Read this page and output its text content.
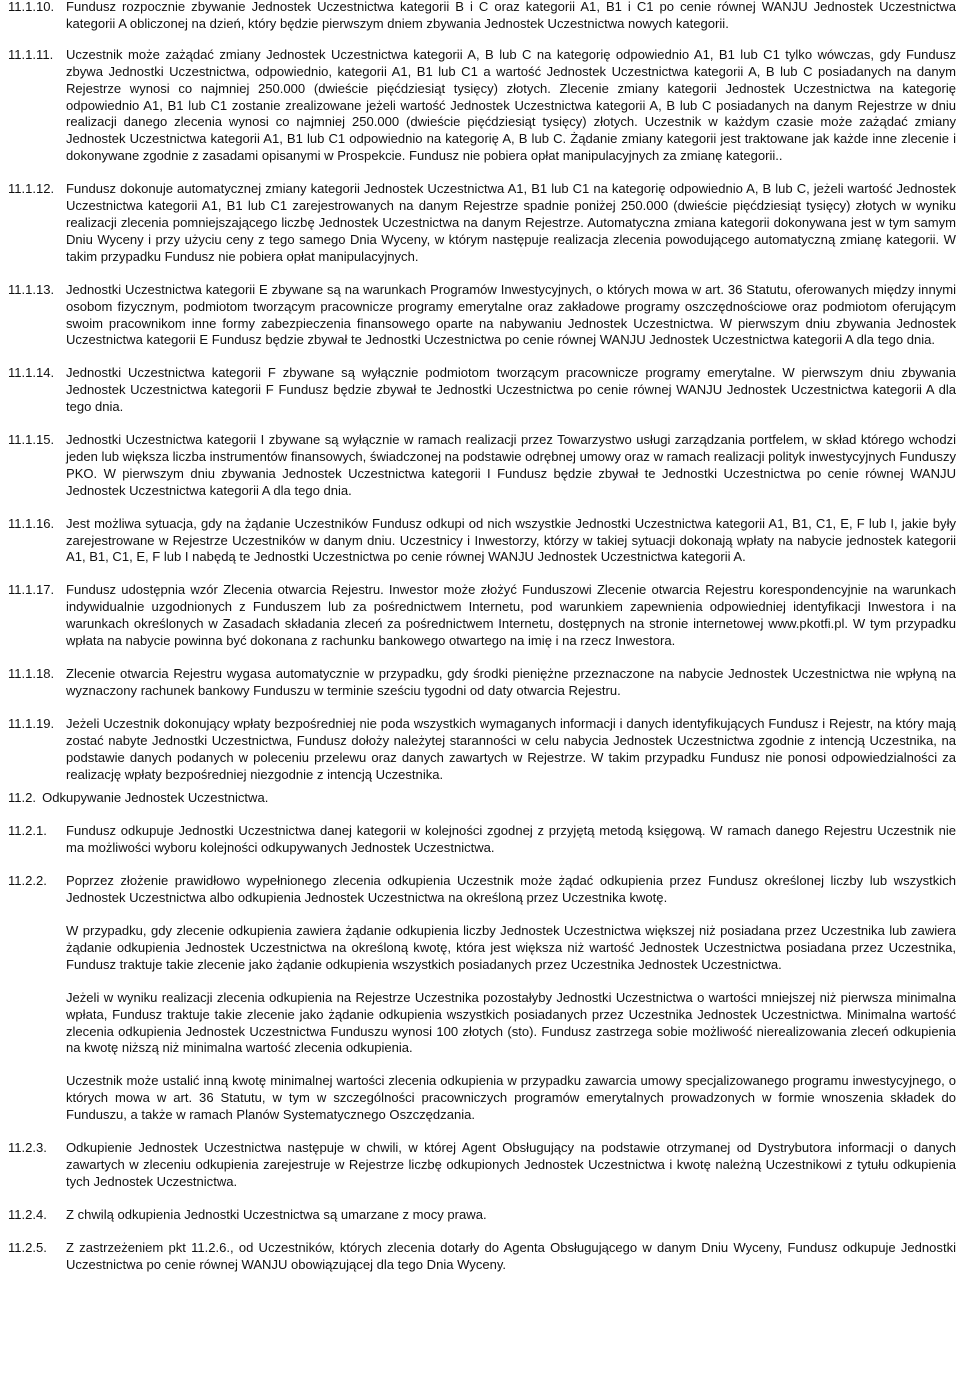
11.1.10. Fundusz rozpocznie zbywanie Jednostek Uczestnictwa kategorii B i C oraz kategorii A1, B1 i C1 po cenie równej WANJU Jednostek Uczestnictwa kategorii A obliczonej na dzień, który będzie pierwszym dniem zbywania Jednostek Uczestnictwa nowych kategorii.
11.1.11. Uczestnik może zażądać zmiany Jednostek Uczestnictwa kategorii A, B lub C na kategorię odpowiednio A1, B1 lub C1 tylko wówczas, gdy Fundusz zbywa Jednostki Uczestnictwa, odpowiednio, kategorii A1, B1 lub C1 a wartość Jednostek Uczestnictwa kategorii A, B lub C posiadanych na danym Rejestrze wynosi co najmniej 250.000 (dwieście pięćdziesiąt tysięcy) złotych. Zlecenie zmiany kategorii Jednostek Uczestnictwa na kategorię odpowiednio A1, B1 lub C1 zostanie zrealizowane jeżeli wartość Jednostek Uczestnictwa kategorii A, B lub C posiadanych na danym Rejestrze w dniu realizacji danego zlecenia wynosi co najmniej 250.000 (dwieście pięćdziesiąt tysięcy) złotych. Uczestnik w każdym czasie może zażądać zmiany Jednostek Uczestnictwa kategorii A1, B1 lub C1 odpowiednio na kategorię A, B lub C. Żądanie zmiany kategorii jest traktowane jak każde inne zlecenie i dokonywane zgodnie z zasadami opisanymi w Prospekcie. Fundusz nie pobiera opłat manipulacyjnych za zmianę kategorii..
11.1.12. Fundusz dokonuje automatycznej zmiany kategorii Jednostek Uczestnictwa A1, B1 lub C1 na kategorię odpowiednio A, B lub C, jeżeli wartość Jednostek Uczestnictwa kategorii A1, B1 lub C1 zarejestrowanych na danym Rejestrze spadnie poniżej 250.000 (dwieście pięćdziesiąt tysięcy) złotych w wyniku realizacji zlecenia pomniejszającego liczbę Jednostek Uczestnictwa na danym Rejestrze. Automatyczna zmiana kategorii dokonywana jest w tym samym Dniu Wyceny i przy użyciu ceny z tego samego Dnia Wyceny, w którym następuje realizacja zlecenia powodującego automatyczną zmianę kategorii. W takim przypadku Fundusz nie pobiera opłat manipulacyjnych.
11.1.13. Jednostki Uczestnictwa kategorii E zbywane są na warunkach Programów Inwestycyjnych, o których mowa w art. 36 Statutu, oferowanych między innymi osobom fizycznym, podmiotom tworzącym pracownicze programy emerytalne oraz zakładowe programy oszczędnościowe oraz podmiotom oferującym swoim pracownikom inne formy zabezpieczenia finansowego oparte na nabywaniu Jednostek Uczestnictwa. W pierwszym dniu zbywania Jednostek Uczestnictwa kategorii E Fundusz będzie zbywał te Jednostki Uczestnictwa po cenie równej WANJU Jednostek Uczestnictwa kategorii A dla tego dnia.
11.1.14. Jednostki Uczestnictwa kategorii F zbywane są wyłącznie podmiotom tworzącym pracownicze programy emerytalne. W pierwszym dniu zbywania Jednostek Uczestnictwa kategorii F Fundusz będzie zbywał te Jednostki Uczestnictwa po cenie równej WANJU Jednostek Uczestnictwa kategorii A dla tego dnia.
11.1.15. Jednostki Uczestnictwa kategorii I zbywane są wyłącznie w ramach realizacji przez Towarzystwo usługi zarządzania portfelem, w skład którego wchodzi jeden lub większa liczba instrumentów finansowych, świadczonej na podstawie odrębnej umowy oraz w ramach realizacji polityk inwestycyjnych Funduszy PKO. W pierwszym dniu zbywania Jednostek Uczestnictwa kategorii I Fundusz będzie zbywał te Jednostki Uczestnictwa po cenie równej WANJU Jednostek Uczestnictwa kategorii A dla tego dnia.
11.1.16. Jest możliwa sytuacja, gdy na żądanie Uczestników Fundusz odkupi od nich wszystkie Jednostki Uczestnictwa kategorii A1, B1, C1, E, F lub I, jakie były zarejestrowane w Rejestrze Uczestników w danym dniu. Uczestnicy i Inwestorzy, którzy w takiej sytuacji dokonają wpłaty na nabycie jednostek kategorii A1, B1, C1, E, F lub I nabędą te Jednostki Uczestnictwa po cenie równej WANJU Jednostek Uczestnictwa kategorii A.
11.1.17. Fundusz udostępnia wzór Zlecenia otwarcia Rejestru. Inwestor może złożyć Funduszowi Zlecenie otwarcia Rejestru korespondencyjnie na warunkach indywidualnie uzgodnionych z Funduszem lub za pośrednictwem Internetu, pod warunkiem zapewnienia odpowiedniej identyfikacji Inwestora i na warunkach określonych w Zasadach składania zleceń za pośrednictwem Internetu, dostępnych na stronie internetowej www.pkotfi.pl. W tym przypadku wpłata na nabycie powinna być dokonana z rachunku bankowego otwartego na imię i na rzecz Inwestora.
11.1.18. Zlecenie otwarcia Rejestru wygasa automatycznie w przypadku, gdy środki pieniężne przeznaczone na nabycie Jednostek Uczestnictwa nie wpłyną na wyznaczony rachunek bankowy Funduszu w terminie sześciu tygodni od daty otwarcia Rejestru.
11.1.19. Jeżeli Uczestnik dokonujący wpłaty bezpośredniej nie poda wszystkich wymaganych informacji i danych identyfikujących Fundusz i Rejestr, na który mają zostać nabyte Jednostki Uczestnictwa, Fundusz dołoży należytej staranności w celu nabycia Jednostek Uczestnictwa zgodnie z intencją Uczestnika, na podstawie danych podanych w poleceniu przelewu oraz danych zawartych w Rejestrze. W takim przypadku Fundusz nie ponosi odpowiedzialności za realizację wpłaty bezpośredniej niezgodnie z intencją Uczestnika.
11.2. Odkupywanie Jednostek Uczestnictwa.
11.2.1.	Fundusz odkupuje Jednostki Uczestnictwa danej kategorii w kolejności zgodnej z przyjętą metodą księgową. W ramach danego Rejestru Uczestnik nie ma możliwości wyboru kolejności odkupywanych Jednostek Uczestnictwa.
11.2.2.	Poprzez złożenie prawidłowo wypełnionego zlecenia odkupienia Uczestnik może żądać odkupienia przez Fundusz określonej liczby lub wszystkich Jednostek Uczestnictwa albo odkupienia Jednostek Uczestnictwa na określoną przez Uczestnika kwotę.
W przypadku, gdy zlecenie odkupienia zawiera żądanie odkupienia liczby Jednostek Uczestnictwa większej niż posiadana przez Uczestnika lub zawiera żądanie odkupienia Jednostek Uczestnictwa na określoną kwotę, która jest większa niż wartość Jednostek Uczestnictwa posiadana przez Uczestnika, Fundusz traktuje takie zlecenie jako żądanie odkupienia wszystkich posiadanych przez Uczestnika Jednostek Uczestnictwa.
Jeżeli w wyniku realizacji zlecenia odkupienia na Rejestrze Uczestnika pozostałyby Jednostki Uczestnictwa o wartości mniejszej niż pierwsza minimalna wpłata, Fundusz traktuje takie zlecenie jako żądanie odkupienia wszystkich posiadanych przez Uczestnika Jednostek Uczestnictwa. Minimalna wartość zlecenia odkupienia Jednostek Uczestnictwa Funduszu wynosi 100 złotych (sto). Fundusz zastrzega sobie możliwość nierealizowania zleceń odkupienia na kwotę niższą niż minimalna wartość zlecenia odkupienia.
Uczestnik może ustalić inną kwotę minimalnej wartości zlecenia odkupienia w przypadku zawarcia umowy specjalizowanego programu inwestycyjnego, o których mowa w art. 36 Statutu, w tym w szczególności pracowniczych programów emerytalnych prowadzonych w formie wnoszenia składek do Funduszu, a także w ramach Planów Systematycznego Oszczędzania.
11.2.3.	Odkupienie Jednostek Uczestnictwa następuje w chwili, w której Agent Obsługujący na podstawie otrzymanej od Dystrybutora informacji o danych zawartych w zleceniu odkupienia zarejestruje w Rejestrze liczbę odkupionych Jednostek Uczestnictwa i kwotę należną Uczestnikowi z tytułu odkupienia tych Jednostek Uczestnictwa.
11.2.4.	Z chwilą odkupienia Jednostki Uczestnictwa są umarzane z mocy prawa.
11.2.5.	Z zastrzeżeniem pkt 11.2.6., od Uczestników, których zlecenia dotarły do Agenta Obsługującego w danym Dniu Wyceny, Fundusz odkupuje Jednostki Uczestnictwa po cenie równej WANJU obowiązującej dla tego Dnia Wyceny.
